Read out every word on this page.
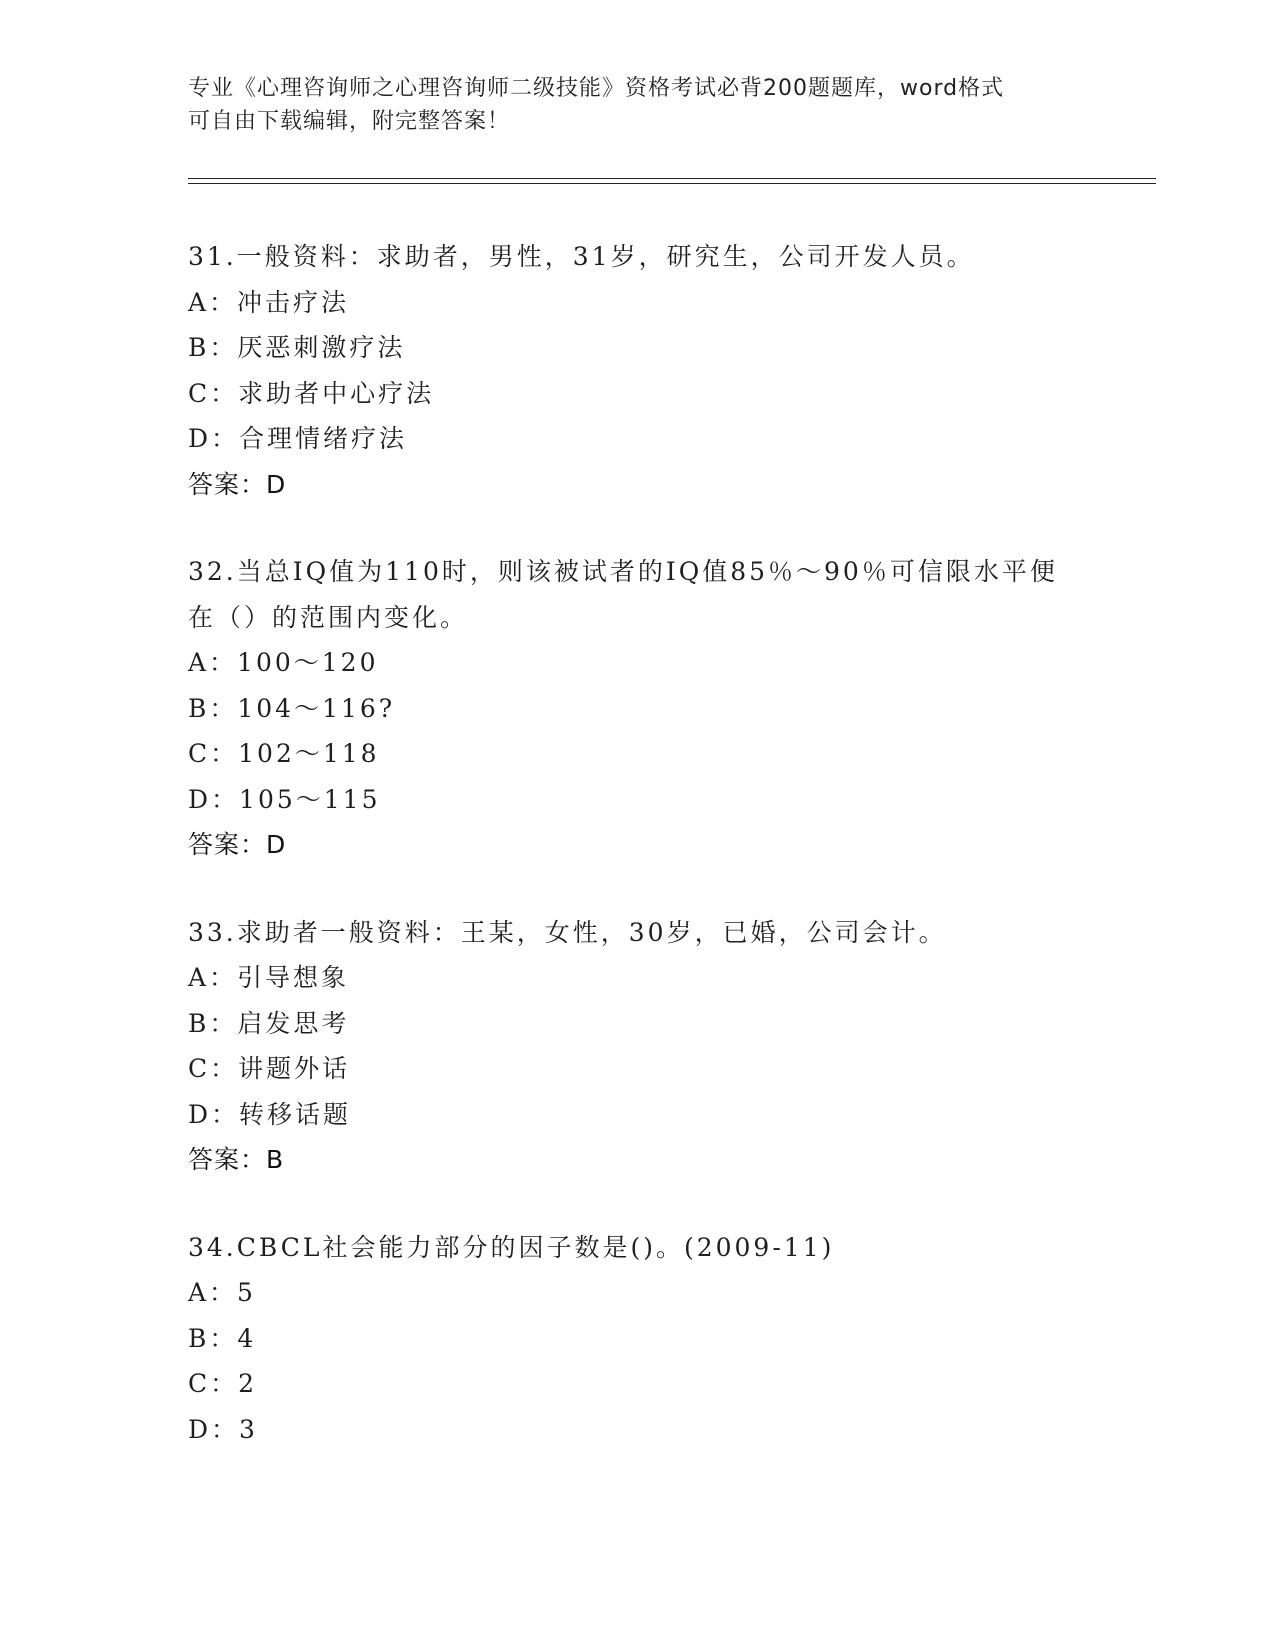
专业《心理咨询师之心理咨询师二级技能》资格考试必背200题题库，word格式
可自由下载编辑，附完整答案！
31.一般资料：求助者，男性，31岁，研究生，公司开发人员。
A：冲击疗法
B：厌恶刺激疗法
C：求助者中心疗法
D：合理情绪疗法
答案：D
32.当总IQ值为110时，则该被试者的IQ值85％～90％可信限水平便
在（）的范围内变化。
A：100～120
B：104～116?
C：102～118
D：105～115
答案：D
33.求助者一般资料：王某，女性，30岁，已婚，公司会计。
A：引导想象
B：启发思考
C：讲题外话
D：转移话题
答案：B
34.CBCL社会能力部分的因子数是()。(2009-11)
A：5
B：4
C：2
D：3
